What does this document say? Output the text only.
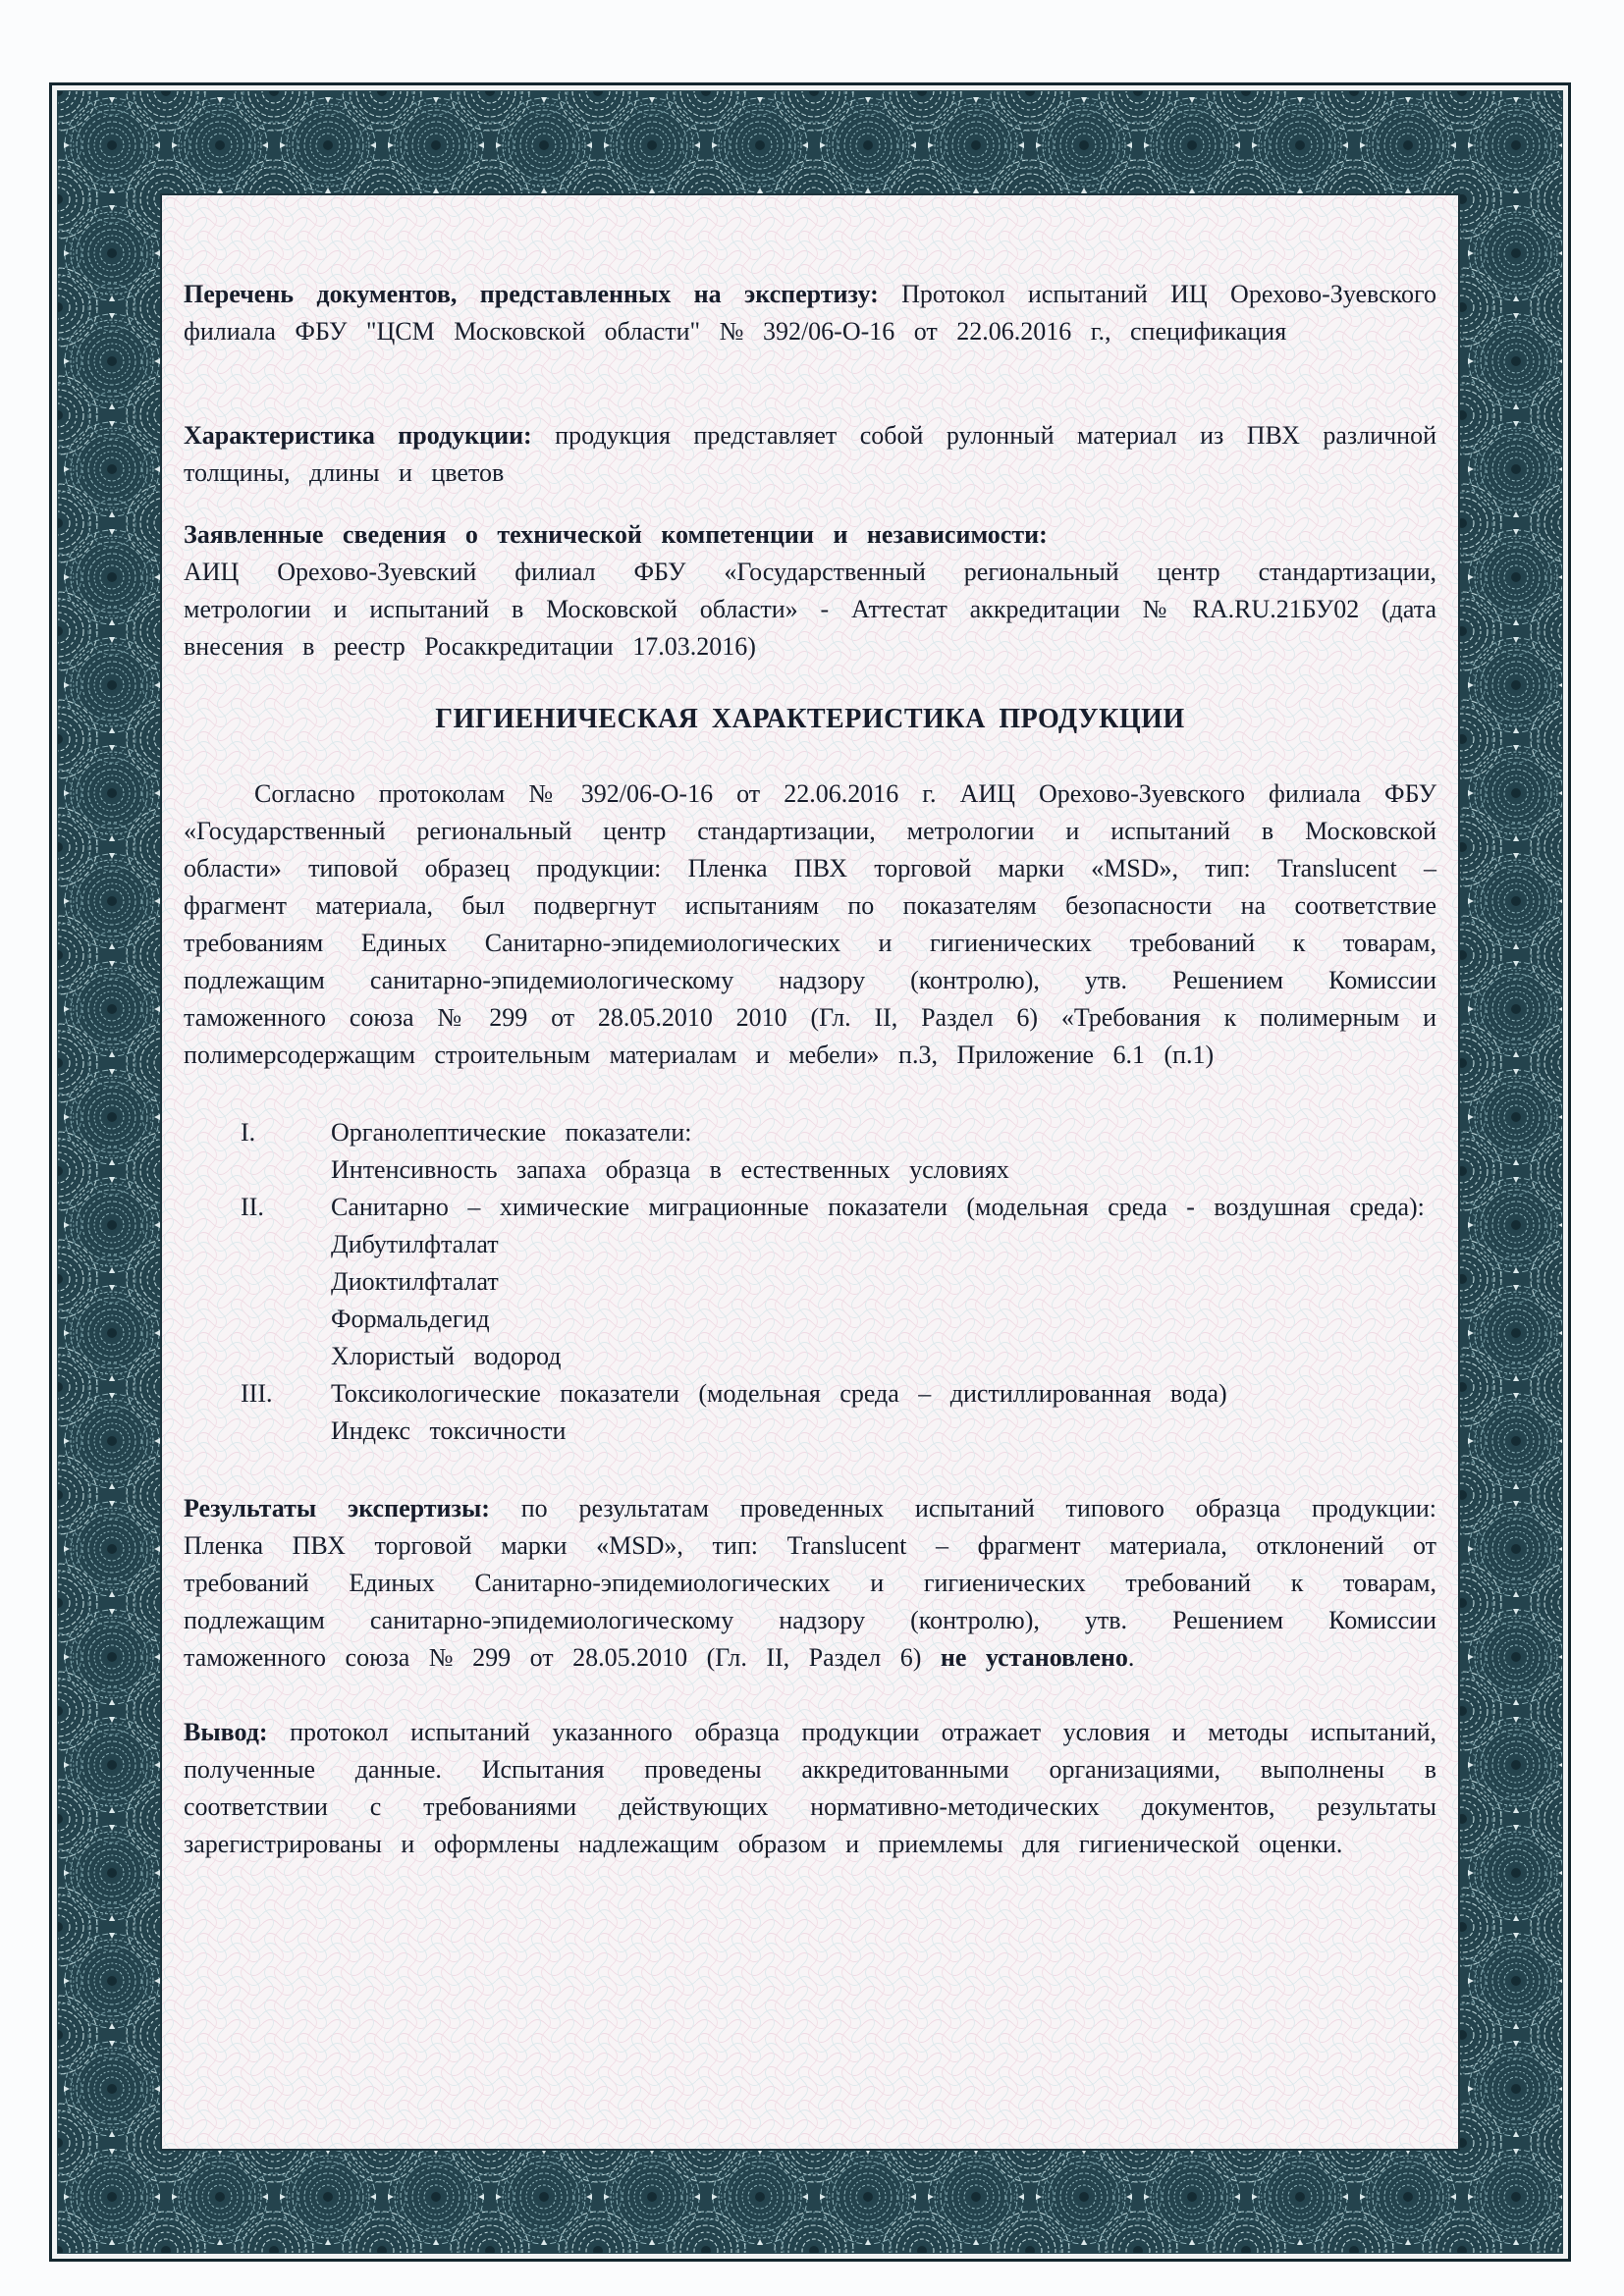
Перечень документов, представленных на экспертизу: Протокол испытаний ИЦ Орехово-Зуевского филиала ФБУ "ЦСМ Московской области" № 392/06-О-16 от 22.06.2016 г., спецификация

Характеристика продукции: продукция представляет собой рулонный материал из ПВХ различной толщины, длины и цветов

Заявленные сведения о технической компетенции и независимости:
АИЦ Орехово-Зуевский филиал ФБУ «Государственный региональный центр стандартизации, метрологии и испытаний в Московской области» - Аттестат аккредитации № RA.RU.21БУ02 (дата внесения в реестр Росаккредитации 17.03.2016)

ГИГИЕНИЧЕСКАЯ ХАРАКТЕРИСТИКА ПРОДУКЦИИ

Согласно протоколам № 392/06-О-16 от 22.06.2016 г. АИЦ Орехово-Зуевского филиала ФБУ «Государственный региональный центр стандартизации, метрологии и испытаний в Московской области» типовой образец продукции: Пленка ПВХ торговой марки «MSD», тип: Translucent – фрагмент материала, был подвергнут испытаниям по показателям безопасности на соответствие требованиям Единых Санитарно-эпидемиологических и гигиенических требований к товарам, подлежащим санитарно-эпидемиологическому надзору (контролю), утв. Решением Комиссии таможенного союза № 299 от 28.05.2010 2010 (Гл. II, Раздел 6) «Требования к полимерным и полимерсодержащим строительным материалам и мебели» п.3, Приложение 6.1 (п.1)

I.	Органолептические показатели:
Интенсивность запаха образца в естественных условиях
II.	Санитарно – химические миграционные показатели (модельная среда - воздушная среда):
Дибутилфталат
Диоктилфталат
Формальдегид
Хлористый водород
III.	Токсикологические показатели (модельная среда – дистиллированная вода)
Индекс токсичности

Результаты экспертизы: по результатам проведенных испытаний типового образца продукции: Пленка ПВХ торговой марки «MSD», тип: Translucent – фрагмент материала, отклонений от требований Единых Санитарно-эпидемиологических и гигиенических требований к товарам, подлежащим санитарно-эпидемиологическому надзору (контролю), утв. Решением Комиссии таможенного союза № 299 от 28.05.2010 (Гл. II, Раздел 6) не установлено.

Вывод: протокол испытаний указанного образца продукции отражает условия и методы испытаний, полученные данные. Испытания проведены аккредитованными организациями, выполнены в соответствии с требованиями действующих нормативно-методических документов, результаты зарегистрированы и оформлены надлежащим образом и приемлемы для гигиенической оценки.
